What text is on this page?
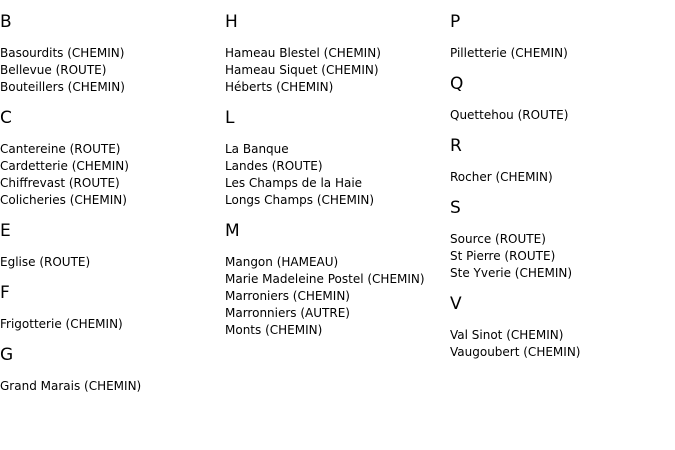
B
Basourdits (CHEMIN)
Bellevue (ROUTE)
Bouteillers (CHEMIN)
C
Cantereine (ROUTE)
Cardetterie (CHEMIN)
Chiffrevast (ROUTE)
Colicheries (CHEMIN)
E
Eglise (ROUTE)
F
Frigotterie (CHEMIN)
G
Grand Marais (CHEMIN)
H
Hameau Blestel (CHEMIN)
Hameau Siquet (CHEMIN)
Héberts (CHEMIN)
L
La Banque
Landes (ROUTE)
Les Champs de la Haie
Longs Champs (CHEMIN)
M
Mangon (HAMEAU)
Marie Madeleine Postel (CHEMIN)
Marroniers (CHEMIN)
Marronniers (AUTRE)
Monts (CHEMIN)
P
Pilletterie (CHEMIN)
Q
Quettehou (ROUTE)
R
Rocher (CHEMIN)
S
Source (ROUTE)
St Pierre (ROUTE)
Ste Yverie (CHEMIN)
V
Val Sinot (CHEMIN)
Vaugoubert (CHEMIN)
